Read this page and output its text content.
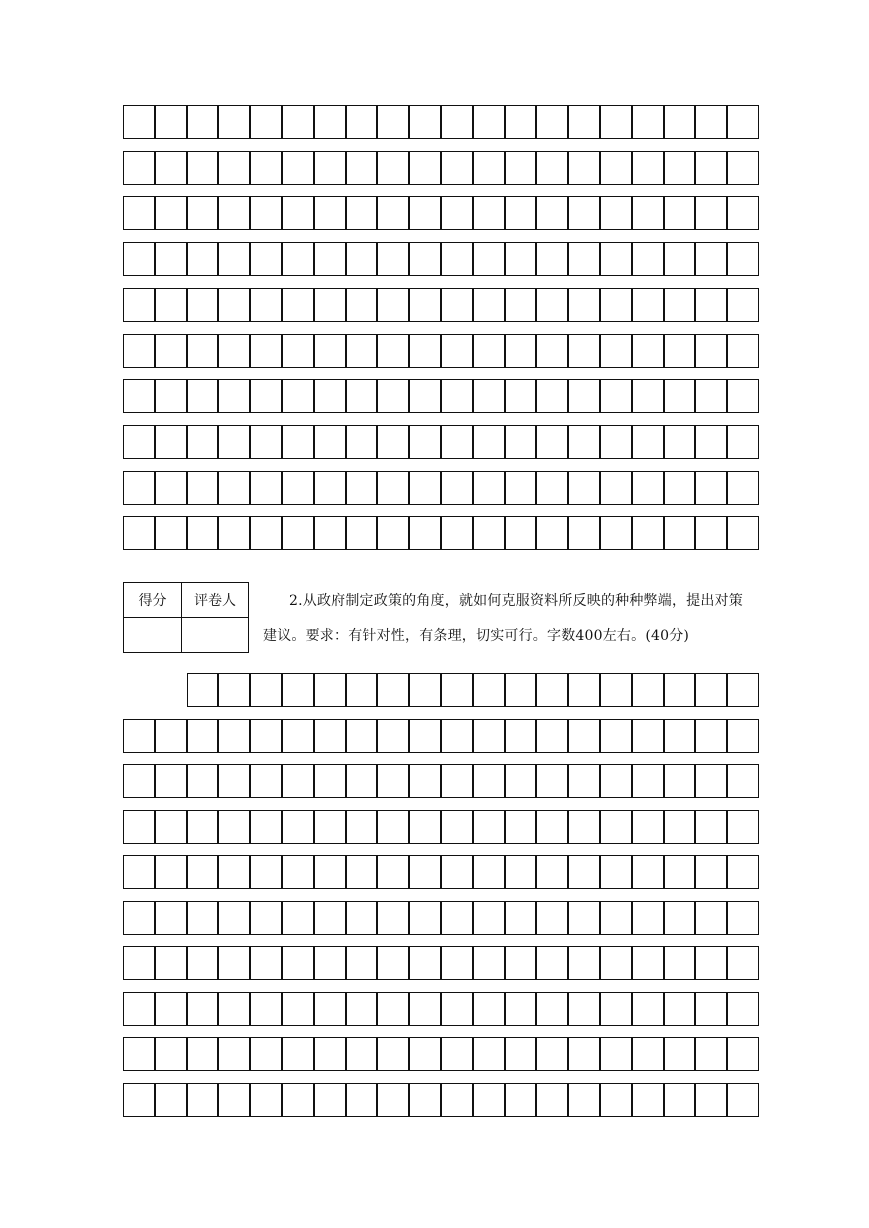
得分	评卷人
		2.从政府制定政策的角度，就如何克服资料所反映的种种弊端，提出对策建议。要求：有针对性，有条理，切实可行。字数400左右。(40分)
